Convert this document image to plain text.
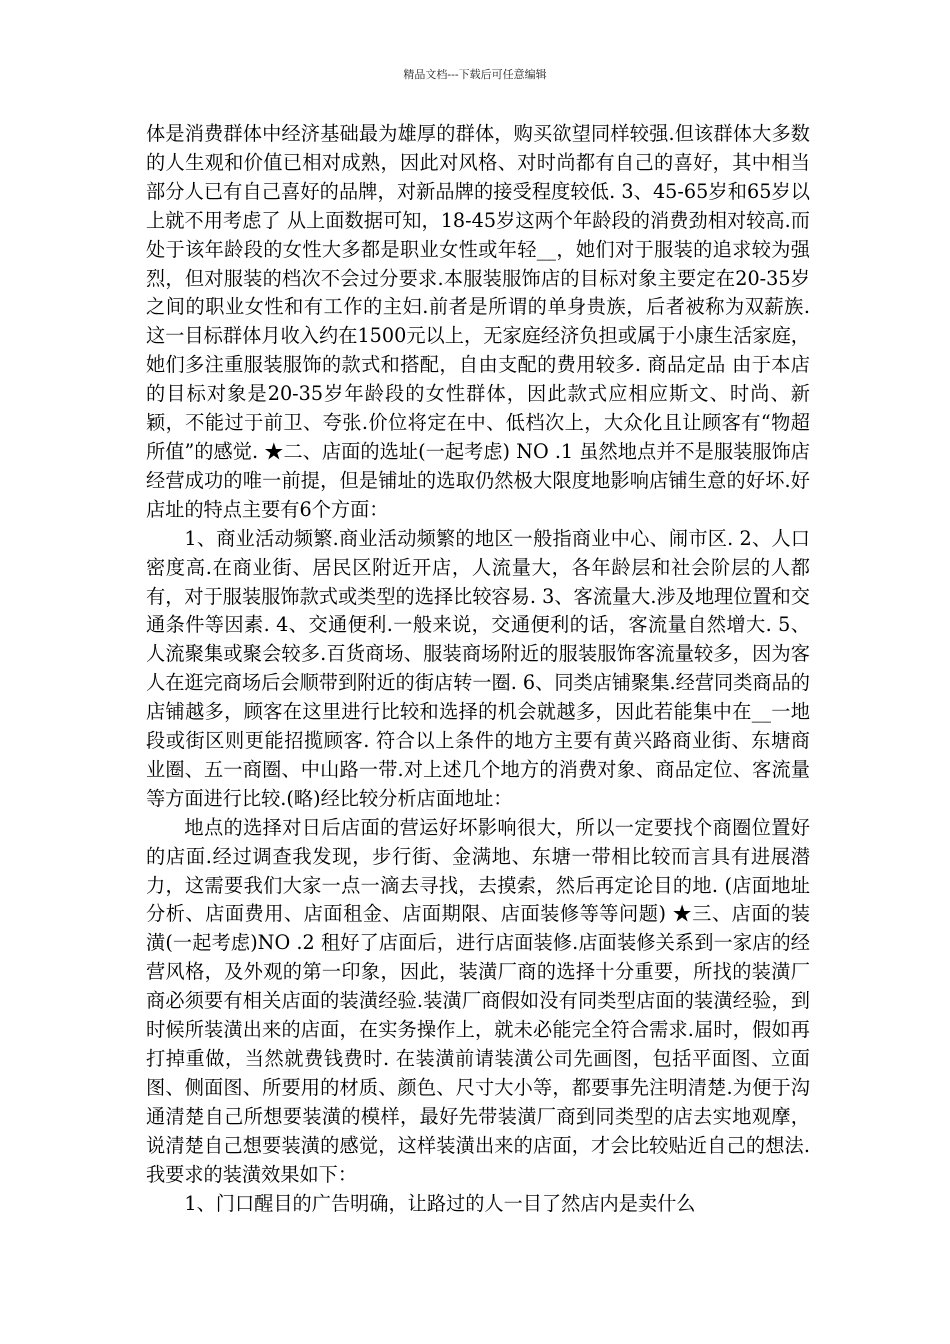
精品文档---下载后可任意编辑

体是消费群体中经济基础最为雄厚的群体，购买欲望同样较强.但该群体大多数的人生观和价值已相对成熟，因此对风格、对时尚都有自己的喜好，其中相当部分人已有自己喜好的品牌，对新品牌的接受程度较低. 3、45-65岁和65岁以上就不用考虑了 从上面数据可知，18-45岁这两个年龄段的消费劲相对较高.而处于该年龄段的女性大多都是职业女性或年轻__，她们对于服装的追求较为强烈，但对服装的档次不会过分要求.本服装服饰店的目标对象主要定在20-35岁之间的职业女性和有工作的主妇.前者是所谓的单身贵族，后者被称为双薪族.这一目标群体月收入约在1500元以上，无家庭经济负担或属于小康生活家庭，她们多注重服装服饰的款式和搭配，自由支配的费用较多. 商品定品 由于本店的目标对象是20-35岁年龄段的女性群体，因此款式应相应斯文、时尚、新颖，不能过于前卫、夸张.价位将定在中、低档次上，大众化且让顾客有“物超所值”的感觉. ★二、店面的选址(一起考虑) NO .1 虽然地点并不是服装服饰店经营成功的唯一前提，但是铺址的选取仍然极大限度地影响店铺生意的好坏.好店址的特点主要有6个方面：

1、商业活动频繁.商业活动频繁的地区一般指商业中心、闹市区. 2、人口密度高.在商业街、居民区附近开店，人流量大，各年龄层和社会阶层的人都有，对于服装服饰款式或类型的选择比较容易. 3、客流量大.涉及地理位置和交通条件等因素. 4、交通便利.一般来说，交通便利的话，客流量自然增大. 5、人流聚集或聚会较多.百货商场、服装商场附近的服装服饰客流量较多，因为客人在逛完商场后会顺带到附近的街店转一圈. 6、同类店铺聚集.经营同类商品的店铺越多，顾客在这里进行比较和选择的机会就越多，因此若能集中在__一地段或街区则更能招揽顾客. 符合以上条件的地方主要有黄兴路商业街、东塘商业圈、五一商圈、中山路一带.对上述几个地方的消费对象、商品定位、客流量等方面进行比较.(略)经比较分析店面地址：

地点的选择对日后店面的营运好坏影响很大，所以一定要找个商圈位置好的店面.经过调查我发现，步行街、金满地、东塘一带相比较而言具有进展潜力，这需要我们大家一点一滴去寻找，去摸索，然后再定论目的地. (店面地址分析、店面费用、店面租金、店面期限、店面装修等等问题) ★三、店面的装潢(一起考虑)NO .2 租好了店面后，进行店面装修.店面装修关系到一家店的经营风格，及外观的第一印象，因此，装潢厂商的选择十分重要，所找的装潢厂商必须要有相关店面的装潢经验.装潢厂商假如没有同类型店面的装潢经验，到时候所装潢出来的店面，在实务操作上，就未必能完全符合需求.届时，假如再打掉重做，当然就费钱费时. 在装潢前请装潢公司先画图，包括平面图、立面图、侧面图、所要用的材质、颜色、尺寸大小等，都要事先注明清楚.为便于沟通清楚自己所想要装潢的模样，最好先带装潢厂商到同类型的店去实地观摩，说清楚自己想要装潢的感觉，这样装潢出来的店面，才会比较贴近自己的想法. 我要求的装潢效果如下：

1、门口醒目的广告明确，让路过的人一目了然店内是卖什么
